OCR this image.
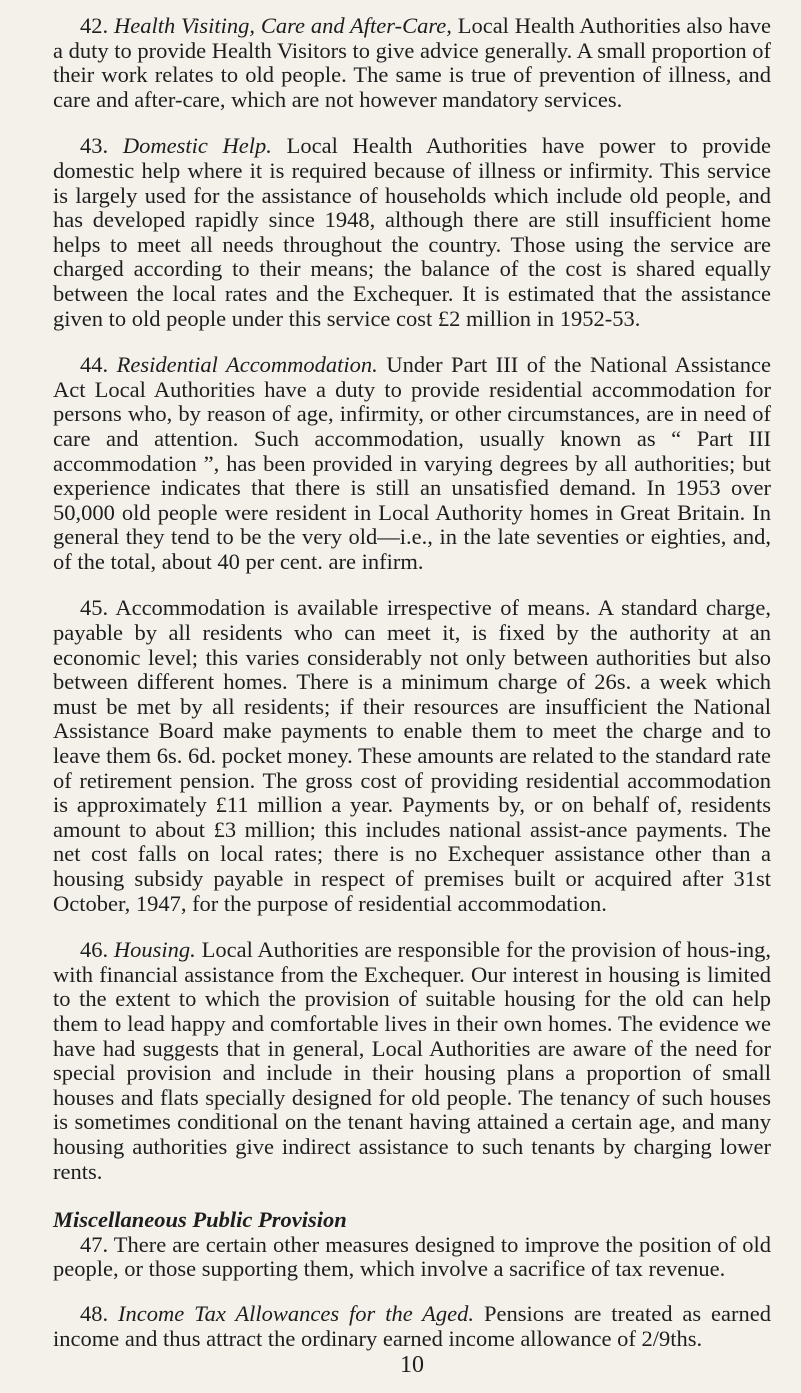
42. Health Visiting, Care and After-Care, Local Health Authorities also have a duty to provide Health Visitors to give advice generally. A small proportion of their work relates to old people. The same is true of prevention of illness, and care and after-care, which are not however mandatory services.

43. Domestic Help. Local Health Authorities have power to provide domestic help where it is required because of illness or infirmity. This service is largely used for the assistance of households which include old people, and has developed rapidly since 1948, although there are still insufficient home helps to meet all needs throughout the country. Those using the service are charged according to their means; the balance of the cost is shared equally between the local rates and the Exchequer. It is estimated that the assistance given to old people under this service cost £2 million in 1952-53.

44. Residential Accommodation. Under Part III of the National Assistance Act Local Authorities have a duty to provide residential accommodation for persons who, by reason of age, infirmity, or other circumstances, are in need of care and attention. Such accommodation, usually known as “ Part III accommodation ”, has been provided in varying degrees by all authorities; but experience indicates that there is still an unsatisfied demand. In 1953 over 50,000 old people were resident in Local Authority homes in Great Britain. In general they tend to be the very old—i.e., in the late seventies or eighties, and, of the total, about 40 per cent. are infirm.

45. Accommodation is available irrespective of means. A standard charge, payable by all residents who can meet it, is fixed by the authority at an economic level; this varies considerably not only between authorities but also between different homes. There is a minimum charge of 26s. a week which must be met by all residents; if their resources are insufficient the National Assistance Board make payments to enable them to meet the charge and to leave them 6s. 6d. pocket money. These amounts are related to the standard rate of retirement pension. The gross cost of providing residential accommodation is approximately £11 million a year. Payments by, or on behalf of, residents amount to about £3 million; this includes national assist-ance payments. The net cost falls on local rates; there is no Exchequer assistance other than a housing subsidy payable in respect of premises built or acquired after 31st October, 1947, for the purpose of residential accommodation.

46. Housing. Local Authorities are responsible for the provision of hous-ing, with financial assistance from the Exchequer. Our interest in housing is limited to the extent to which the provision of suitable housing for the old can help them to lead happy and comfortable lives in their own homes. The evidence we have had suggests that in general, Local Authorities are aware of the need for special provision and include in their housing plans a proportion of small houses and flats specially designed for old people. The tenancy of such houses is sometimes conditional on the tenant having attained a certain age, and many housing authorities give indirect assistance to such tenants by charging lower rents.

Miscellaneous Public Provision

47. There are certain other measures designed to improve the position of old people, or those supporting them, which involve a sacrifice of tax revenue.

48. Income Tax Allowances for the Aged. Pensions are treated as earned income and thus attract the ordinary earned income allowance of 2/9ths.

10
